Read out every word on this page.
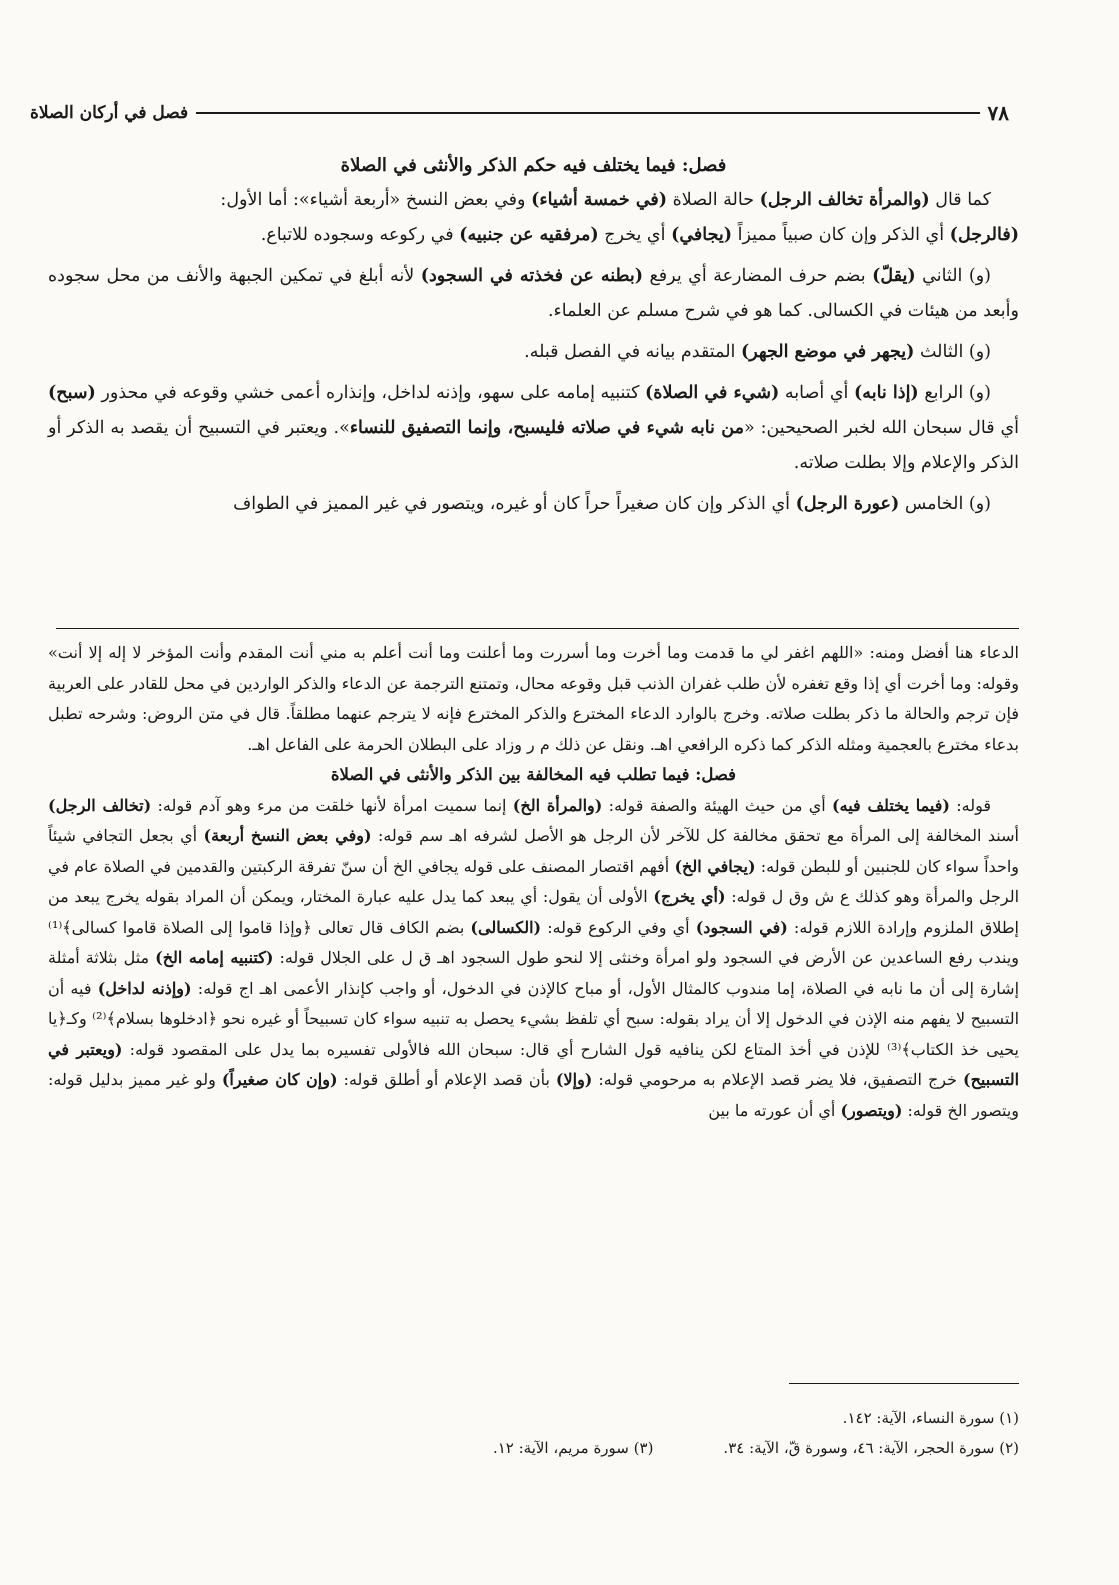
فصل في أركان الصلاة	٧٨
فصل: فيما يختلف فيه حكم الذكر والأنثى في الصلاة

كما قال (والمرأة تخالف الرجل) حالة الصلاة (في خمسة أشياء) وفي بعض النسخ «أربعة أشياء»: أما الأول:
(فالرجل) أي الذكر وإن كان صبياً مميزاً (يجافي) أي يخرج (مرفقيه عن جنبيه) في ركوعه وسجوده للاتباع.

(و) الثاني (يقلّ) بضم حرف المضارعة أي يرفع (بطنه عن فخذته في السجود) لأنه أبلغ في تمكين الجبهة والأنف من محل سجوده وأبعد من هيئات في الكسالى. كما هو في شرح مسلم عن العلماء.

(و) الثالث (يجهر في موضع الجهر) المتقدم بيانه في الفصل قبله.

(و) الرابع (إذا نابه) أي أصابه (شيء في الصلاة) كتنبيه إمامه على سهو، وإذنه لداخل، وإنذاره أعمى خشي وقوعه في محذور (سبح) أي قال سبحان الله لخبر الصحيحين: «من نابه شيء في صلاته فليسبح، وإنما التصفيق للنساء». ويعتبر في التسبيح أن يقصد به الذكر أو الذكر والإعلام وإلا بطلت صلاته.

(و) الخامس (عورة الرجل) أي الذكر وإن كان صغيراً حراً كان أو غيره، ويتصور في غير المميز في الطواف

الدعاء هنا أفضل ومنه: «اللهم اغفر لي ما قدمت وما أخرت وما أسررت وما أعلنت وما أنت أعلم به مني أنت المقدم وأنت المؤخر لا إله إلا أنت» وقوله: وما أخرت أي إذا وقع تغفره لأن طلب غفران الذنب قبل وقوعه محال، وتمتنع الترجمة عن الدعاء والذكر الواردين في محل للقادر على العربية فإن ترجم والحالة ما ذكر بطلت صلاته. وخرج بالوارد الدعاء المخترع والذكر المخترع فإنه لا يترجم عنهما مطلقاً. قال في متن الروض: وشرحه تطبل بدعاء مخترع بالعجمية ومثله الذكر كما ذكره الرافعي اهـ. ونقل عن ذلك م ر وزاد على البطلان الحرمة على الفاعل اهـ.

فصل: فيما تطلب فيه المخالفة بين الذكر والأنثى في الصلاة

قوله: (فيما يختلف فيه) أي من حيث الهيئة والصفة قوله: (والمرأة الخ) إنما سميت امرأة لأنها خلقت من مرء وهو آدم قوله: (تخالف الرجل) أسند المخالفة إلى المرأة مع تحقق مخالفة كل للآخر لأن الرجل هو الأصل لشرفه اهـ سم قوله: (وفي بعض النسخ أربعة) أي بجعل التجافي شيئاً واحداً سواء كان للجنبين أو للبطن قوله: (يجافي الخ) أفهم اقتصار المصنف على قوله يجافي الخ أن سنّ تفرقة الركبتين والقدمين في الصلاة عام في الرجل والمرأة وهو كذلك ع ش وق ل قوله: (أي يخرج) الأولى أن يقول: أي يبعد كما يدل عليه عبارة المختار، ويمكن أن المراد بقوله يخرج يبعد من إطلاق الملزوم وإرادة اللازم قوله: (في السجود) أي وفي الركوع قوله: (الكسالى) بضم الكاف قال تعالى ﴿وإذا قاموا إلى الصلاة قاموا كسالى﴾⁽¹⁾ ويندب رفع الساعدين عن الأرض في السجود ولو امرأة وخنثى إلا لنحو طول السجود اهـ ق ل على الجلال قوله: (كتنبيه إمامه الخ) مثل بثلاثة أمثلة إشارة إلى أن ما نابه في الصلاة، إما مندوب كالمثال الأول، أو مباح كالإذن في الدخول، أو واجب كإنذار الأعمى اهـ اج قوله: (وإذنه لداخل) فيه أن التسبيح لا يفهم منه الإذن في الدخول إلا أن يراد بقوله: سبح أي تلفظ بشيء يحصل به تنبيه سواء كان تسبيحاً أو غيره نحو ﴿ادخلوها بسلام﴾⁽²⁾ وكـ﴿يا يحيى خذ الكتاب﴾⁽³⁾ للإذن في أخذ المتاع لكن ينافيه قول الشارح أي قال: سبحان الله فالأولى تفسيره بما يدل على المقصود قوله: (ويعتبر في التسبيح) خرج التصفيق، فلا يضر قصد الإعلام به مرحومي قوله: (وإلا) بأن قصد الإعلام أو أطلق قوله: (وإن كان صغيراً) ولو غير مميز بدليل قوله: ويتصور الخ قوله: (ويتصور) أي أن عورته ما بين

(١) سورة النساء، الآية: ١٤٢.
(٢) سورة الحجر، الآية: ٤٦، وسورة قّ، الآية: ٣٤.
(٣) سورة مريم، الآية: ١٢.
